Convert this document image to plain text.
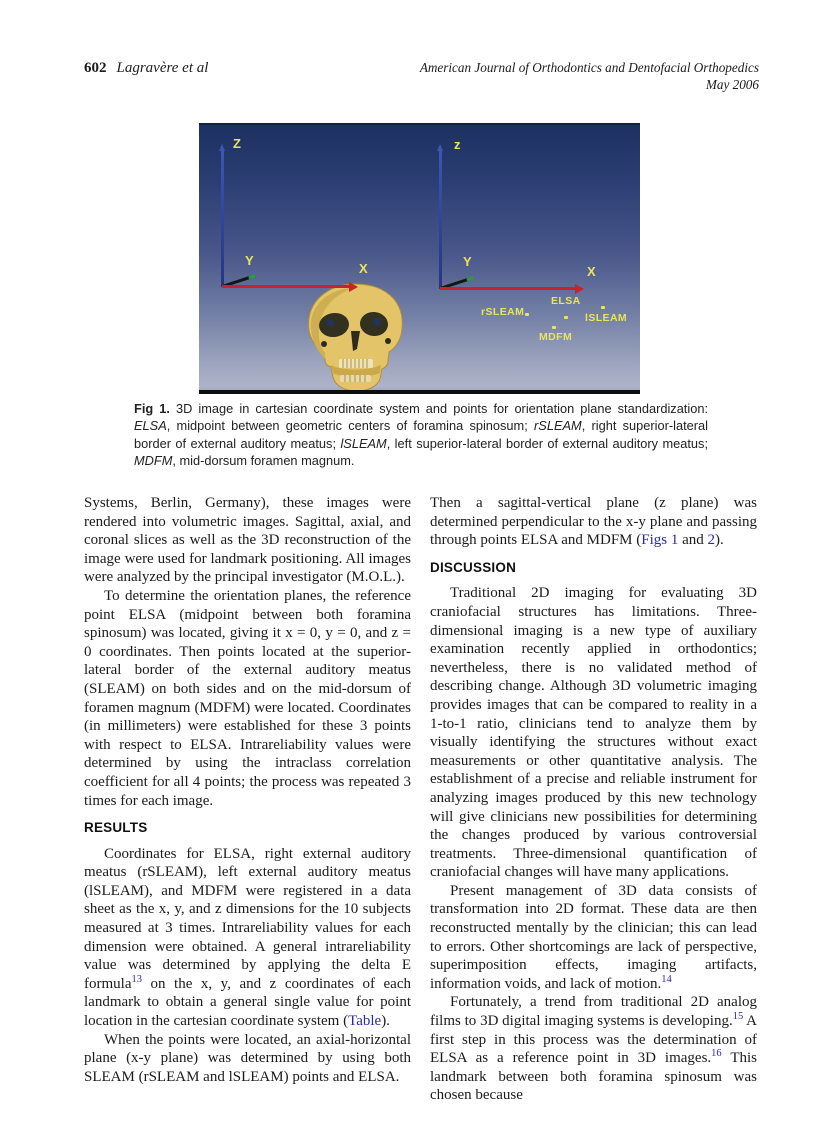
602 Lagravère et al	American Journal of Orthodontics and Dentofacial Orthopedics
May 2006
Z
Y
X
z
Y
X
ELSA
rSLEAM	lSLEAM
MDFM
Fig 1. 3D image in cartesian coordinate system and points for orientation plane standardization: ELSA, midpoint between geometric centers of foramina spinosum; rSLEAM, right superior-lateral border of external auditory meatus; lSLEAM, left superior-lateral border of external auditory meatus; MDFM, mid-dorsum foramen magnum.

Systems, Berlin, Germany), these images were rendered into volumetric images. Sagittal, axial, and coronal slices as well as the 3D reconstruction of the image were used for landmark positioning. All images were analyzed by the principal investigator (M.O.L.).

To determine the orientation planes, the reference point ELSA (midpoint between both foramina spinosum) was located, giving it x = 0, y = 0, and z = 0 coordinates. Then points located at the superior-lateral border of the external auditory meatus (SLEAM) on both sides and on the mid-dorsum of foramen magnum (MDFM) were located. Coordinates (in millimeters) were established for these 3 points with respect to ELSA. Intrareliability values were determined by using the intraclass correlation coefficient for all 4 points; the process was repeated 3 times for each image.

RESULTS

Coordinates for ELSA, right external auditory meatus (rSLEAM), left external auditory meatus (lSLEAM), and MDFM were registered in a data sheet as the x, y, and z dimensions for the 10 subjects measured at 3 times. Intrareliability values for each dimension were obtained. A general intrareliability value was determined by applying the delta E formula$^{13}$ on the x, y, and z coordinates of each landmark to obtain a general single value for point location in the cartesian coordinate system (Table).

When the points were located, an axial-horizontal plane (x-y plane) was determined by using both SLEAM (rSLEAM and lSLEAM) points and ELSA.

Then a sagittal-vertical plane (z plane) was determined perpendicular to the x-y plane and passing through points ELSA and MDFM (Figs 1 and 2).

DISCUSSION

Traditional 2D imaging for evaluating 3D craniofacial structures has limitations. Three-dimensional imaging is a new type of auxiliary examination recently applied in orthodontics; nevertheless, there is no validated method of describing change. Although 3D volumetric imaging provides images that can be compared to reality in a 1-to-1 ratio, clinicians tend to analyze them by visually identifying the structures without exact measurements or other quantitative analysis. The establishment of a precise and reliable instrument for analyzing images produced by this new technology will give clinicians new possibilities for determining the changes produced by various controversial treatments. Three-dimensional quantification of craniofacial changes will have many applications.

Present management of 3D data consists of transformation into 2D format. These data are then reconstructed mentally by the clinician; this can lead to errors. Other shortcomings are lack of perspective, superimposition effects, imaging artifacts, information voids, and lack of motion.$^{14}$

Fortunately, a trend from traditional 2D analog films to 3D digital imaging systems is developing.$^{15}$ A first step in this process was the determination of ELSA as a reference point in 3D images.$^{16}$ This landmark between both foramina spinosum was chosen because
